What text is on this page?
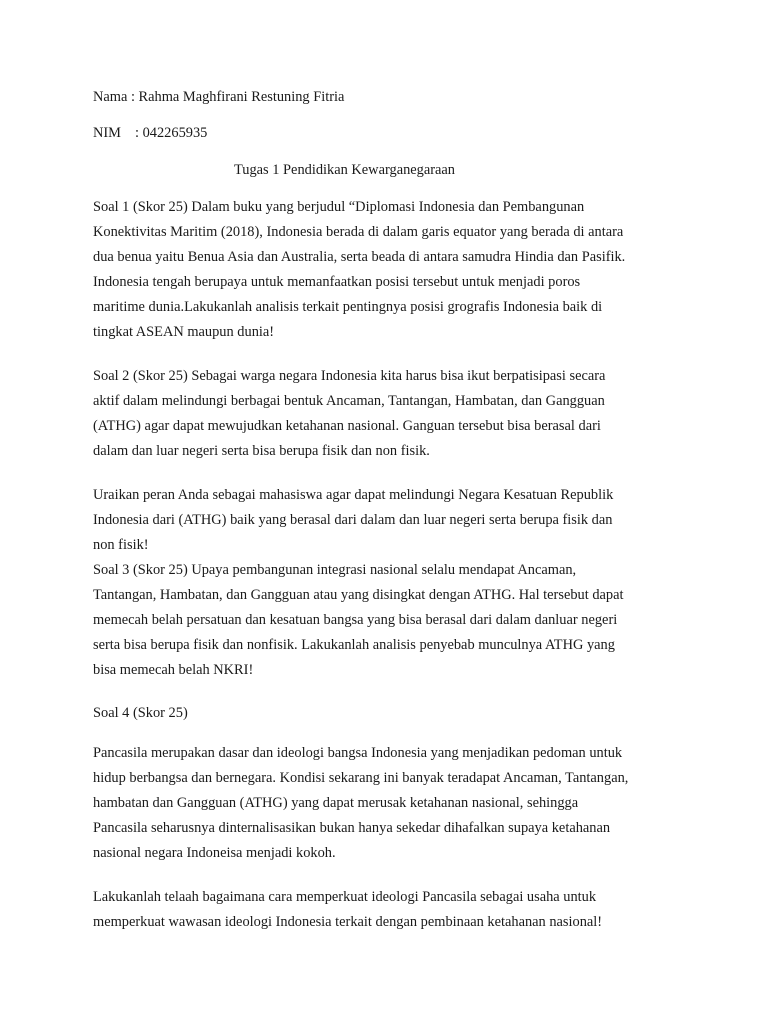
Nama : Rahma Maghfirani Restuning Fitria
NIM : 042265935
Tugas 1 Pendidikan Kewarganegaraan
Soal 1 (Skor 25) Dalam buku yang berjudul “Diplomasi Indonesia dan Pembangunan
Konektivitas Maritim (2018), Indonesia berada di dalam garis equator yang berada di antara
dua benua yaitu Benua Asia dan Australia, serta beada di antara samudra Hindia dan Pasifik.
Indonesia tengah berupaya untuk memanfaatkan posisi tersebut untuk menjadi poros
maritime dunia.Lakukanlah analisis terkait pentingnya posisi grografis Indonesia baik di
tingkat ASEAN maupun dunia!
Soal 2 (Skor 25) Sebagai warga negara Indonesia kita harus bisa ikut berpatisipasi secara
aktif dalam melindungi berbagai bentuk Ancaman, Tantangan, Hambatan, dan Gangguan
(ATHG) agar dapat mewujudkan ketahanan nasional. Ganguan tersebut bisa berasal dari
dalam dan luar negeri serta bisa berupa fisik dan non fisik.
Uraikan peran Anda sebagai mahasiswa agar dapat melindungi Negara Kesatuan Republik
Indonesia dari (ATHG) baik yang berasal dari dalam dan luar negeri serta berupa fisik dan
non fisik!
Soal 3 (Skor 25) Upaya pembangunan integrasi nasional selalu mendapat Ancaman,
Tantangan, Hambatan, dan Gangguan atau yang disingkat dengan ATHG. Hal tersebut dapat
memecah belah persatuan dan kesatuan bangsa yang bisa berasal dari dalam danluar negeri
serta bisa berupa fisik dan nonfisik. Lakukanlah analisis penyebab munculnya ATHG yang
bisa memecah belah NKRI!
Soal 4 (Skor 25)
Pancasila merupakan dasar dan ideologi bangsa Indonesia yang menjadikan pedoman untuk
hidup berbangsa dan bernegara. Kondisi sekarang ini banyak teradapat Ancaman, Tantangan,
hambatan dan Gangguan (ATHG) yang dapat merusak ketahanan nasional, sehingga
Pancasila seharusnya dinternalisasikan bukan hanya sekedar dihafalkan supaya ketahanan
nasional negara Indoneisa menjadi kokoh.
Lakukanlah telaah bagaimana cara memperkuat ideologi Pancasila sebagai usaha untuk
memperkuat wawasan ideologi Indonesia terkait dengan pembinaan ketahanan nasional!
